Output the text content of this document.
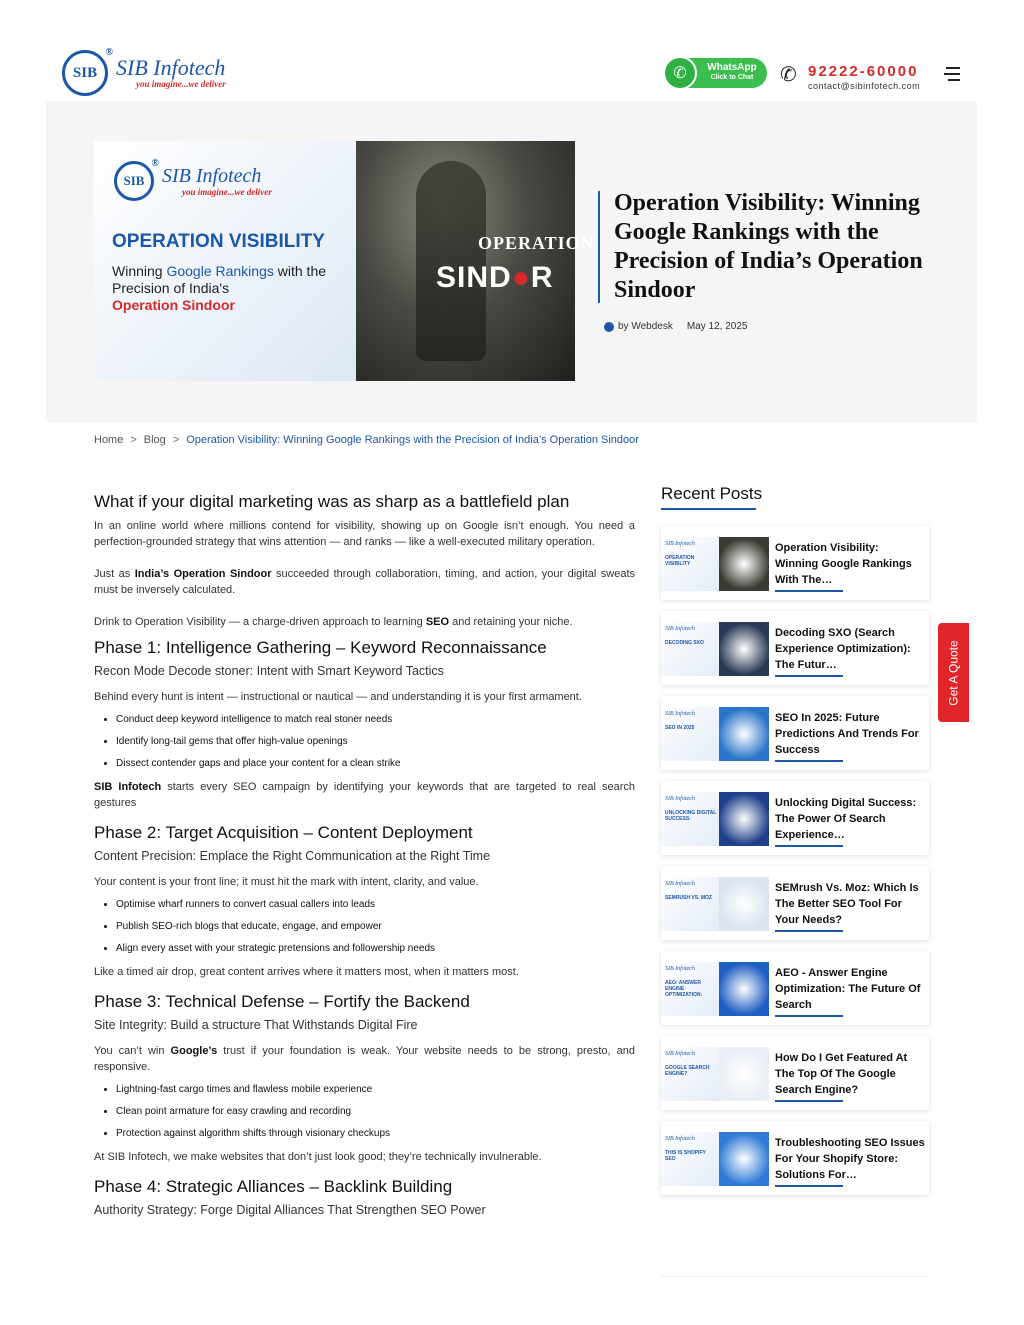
SIB
®
SIB Infotech
you imagine...we deliver
✆	WhatsApp
Click to Chat	✆ 92222-60000
contact@sibinfotech.com
SIB
®
SIB Infotech
you imagine...we deliver
OPERATION VISIBILITY
Winning Google Rankings with the Precision of India's
Operation Sindoor
OPERATION
SIND●R
Operation Visibility: Winning Google Rankings with the Precision of India’s Operation Sindoor
by Webdesk May 12, 2025
Home > Blog > Operation Visibility: Winning Google Rankings with the Precision of India’s Operation Sindoor
What if your digital marketing was as sharp as a battlefield plan

In an online world where millions contend for visibility, showing up on Google isn’t enough. You need a perfection-grounded strategy that wins attention — and ranks — like a well-executed military operation.

Just as India’s Operation Sindoor succeeded through collaboration, timing, and action, your digital sweats must be inversely calculated.

Drink to Operation Visibility — a charge-driven approach to learning SEO and retaining your niche.

Phase 1: Intelligence Gathering – Keyword Reconnaissance

Recon Mode Decode stoner: Intent with Smart Keyword Tactics

Behind every hunt is intent — instructional or nautical — and understanding it is your first armament.

• Conduct deep keyword intelligence to match real stoner needs
• Identify long-tail gems that offer high-value openings
• Dissect contender gaps and place your content for a clean strike

SIB Infotech starts every SEO campaign by identifying your keywords that are targeted to real search gestures

Phase 2: Target Acquisition – Content Deployment

Content Precision: Emplace the Right Communication at the Right Time

Your content is your front line; it must hit the mark with intent, clarity, and value.

• Optimise wharf runners to convert casual callers into leads
• Publish SEO-rich blogs that educate, engage, and empower
• Align every asset with your strategic pretensions and followership needs

Like a timed air drop, great content arrives where it matters most, when it matters most.

Phase 3: Technical Defense – Fortify the Backend

Site Integrity: Build a structure That Withstands Digital Fire

You can’t win Google’s trust if your foundation is weak. Your website needs to be strong, presto, and responsive.

• Lightning-fast cargo times and flawless mobile experience
• Clean point armature for easy crawling and recording
• Protection against algorithm shifts through visionary checkups

At SIB Infotech, we make websites that don’t just look good; they’re technically invulnerable.

Phase 4: Strategic Alliances – Backlink Building

Authority Strategy: Forge Digital Alliances That Strengthen SEO Power

Recent Posts
SIB Infotech
OPERATION VISIBILITY
Operation Visibility: Winning Google Rankings With The…
SIB Infotech
DECODING SXO
Decoding SXO (Search Experience Optimization): The Futur…
SIB Infotech
SEO IN 2025
SEO In 2025: Future Predictions And Trends For Success
SIB Infotech
UNLOCKING DIGITAL SUCCESS:
Unlocking Digital Success: The Power Of Search Experience…
SIB Infotech
SEMRUSH VS. MOZ
SEMrush Vs. Moz: Which Is The Better SEO Tool For Your Needs?
SIB Infotech
AEO: ANSWER ENGINE OPTIMIZATION:
AEO - Answer Engine Optimization: The Future Of Search
SIB Infotech
GOOGLE SEARCH ENGINE?
How Do I Get Featured At The Top Of The Google Search Engine?
SIB Infotech
THIS IS SHOPIFY SEO
Troubleshooting SEO Issues For Your Shopify Store: Solutions For…
Get A Quote
